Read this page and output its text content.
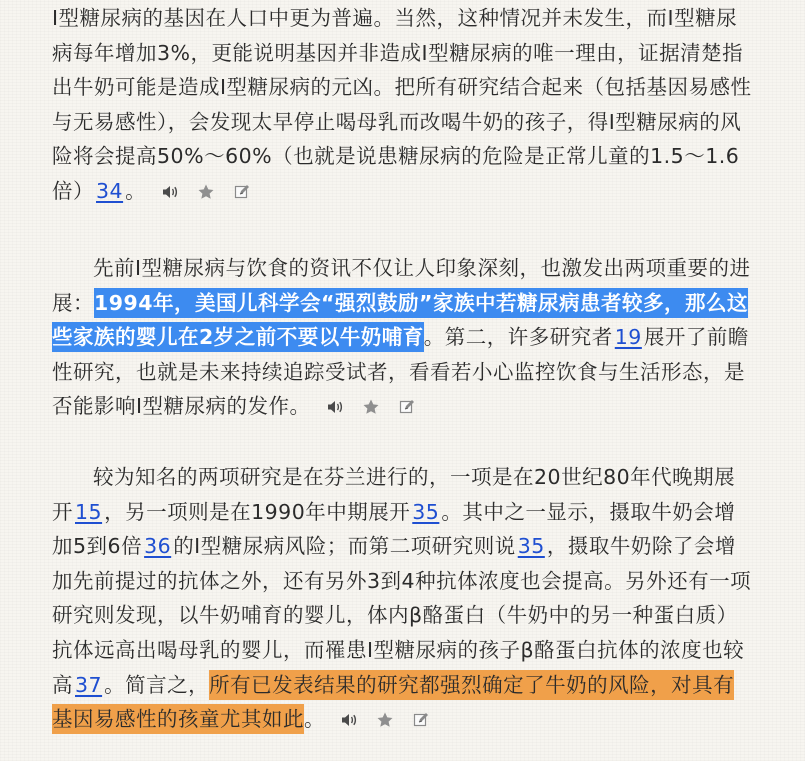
Ⅰ型糖尿病的基因在人口中更为普遍。当然，这种情况并未发生，而Ⅰ型糖尿病每年增加3%，更能说明基因并非造成Ⅰ型糖尿病的唯一理由，证据清楚指出牛奶可能是造成Ⅰ型糖尿病的元凶。把所有研究结合起来（包括基因易感性与无易感性），会发现太早停止喝母乳而改喝牛奶的孩子，得Ⅰ型糖尿病的风险将会提高50%～60%（也就是说患糖尿病的危险是正常儿童的1.5～1.6倍）34。

先前Ⅰ型糖尿病与饮食的资讯不仅让人印象深刻，也激发出两项重要的进展：1994年，美国儿科学会“强烈鼓励”家族中若糖尿病患者较多，那么这些家族的婴儿在2岁之前不要以牛奶哺育。第二，许多研究者19展开了前瞻性研究，也就是未来持续追踪受试者，看看若小心监控饮食与生活形态，是否能影响Ⅰ型糖尿病的发作。

较为知名的两项研究是在芬兰进行的，一项是在20世纪80年代晚期展开15，另一项则是在1990年中期展开35。其中之一显示，摄取牛奶会增加5到6倍36的Ⅰ型糖尿病风险；而第二项研究则说35，摄取牛奶除了会增加先前提过的抗体之外，还有另外3到4种抗体浓度也会提高。另外还有一项研究则发现，以牛奶哺育的婴儿，体内β酪蛋白（牛奶中的另一种蛋白质）抗体远高出喝母乳的婴儿，而罹患Ⅰ型糖尿病的孩子β酪蛋白抗体的浓度也较高37。简言之，所有已发表结果的研究都强烈确定了牛奶的风险，对具有基因易感性的孩童尤其如此。
